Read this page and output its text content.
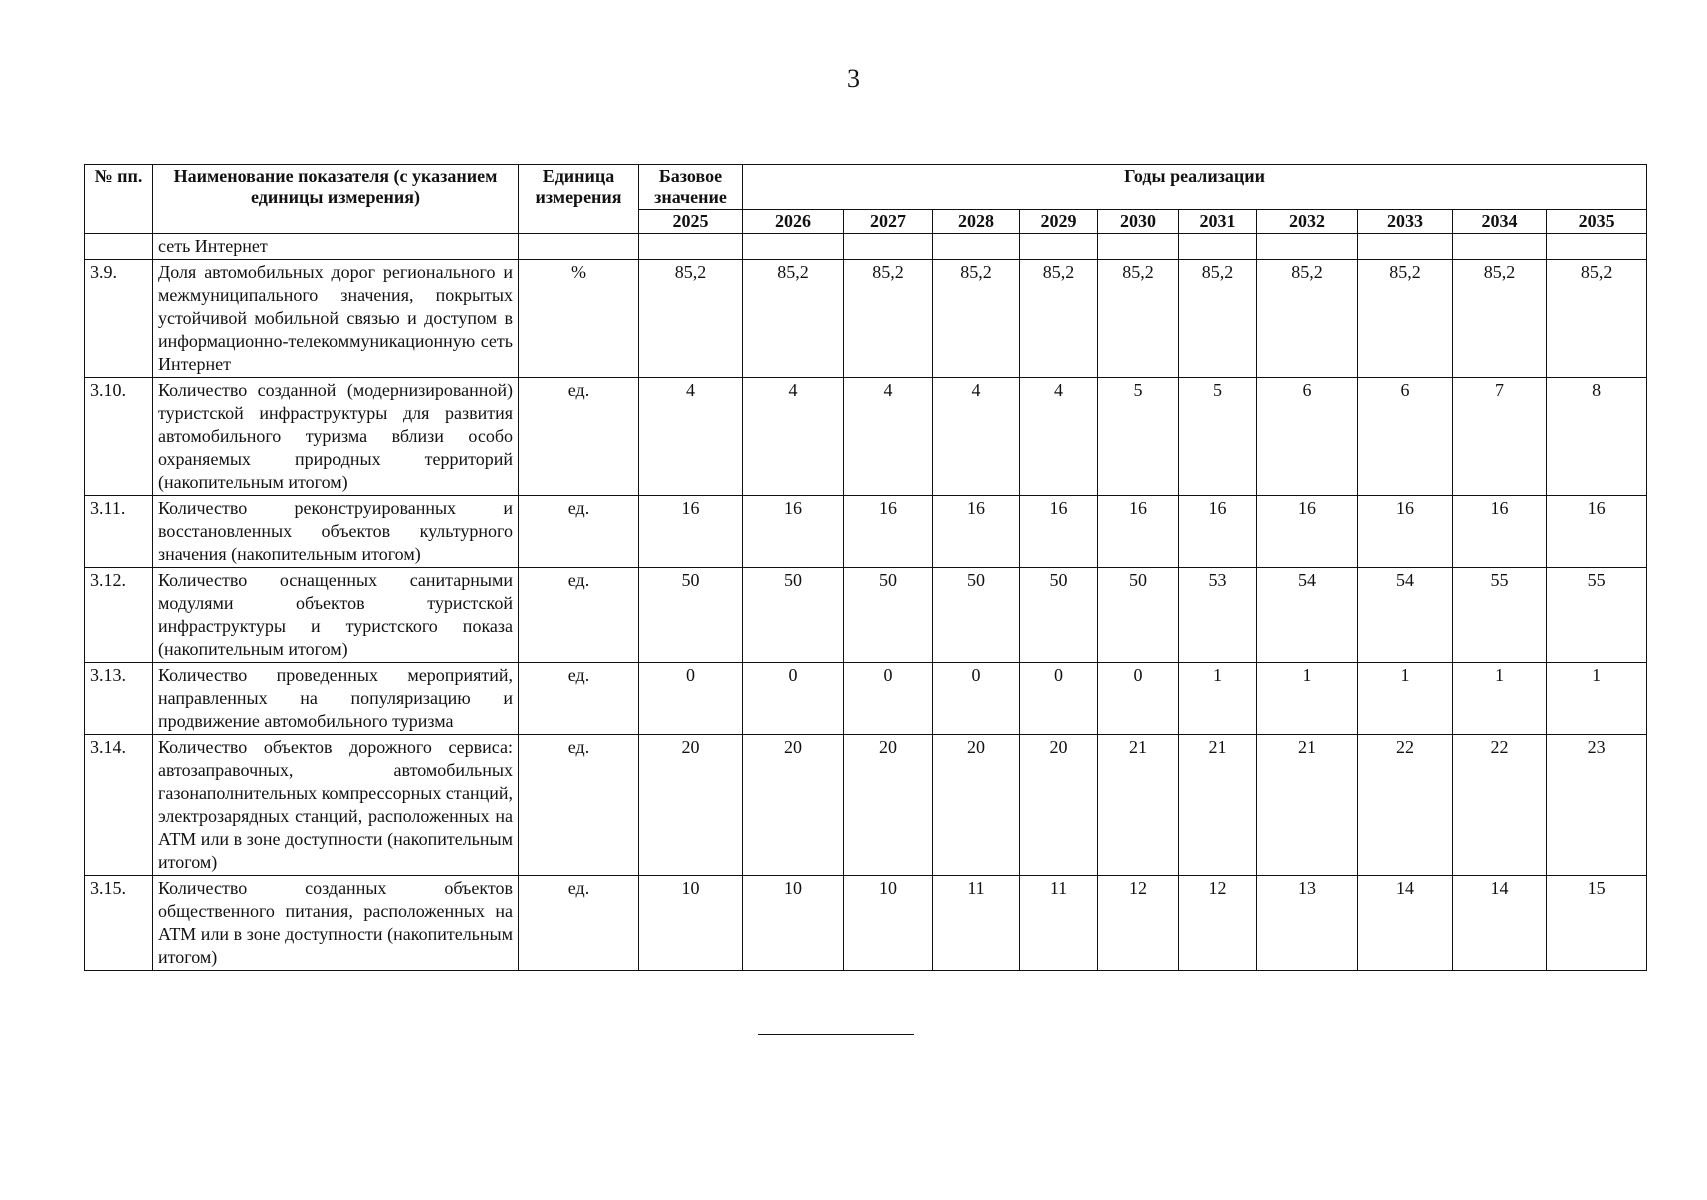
3
№ пп.	Наименование показателя (с указанием единицы измерения)	Единица измерения	Базовое значение	Годы реализации									
			2025	2026	2027	2028	2029	2030	2031	2032	2033	2034	2035
	сеть Интернет												
3.9.	Доля автомобильных дорог регионального и межмуниципального значения, покрытых устойчивой мобильной связью и доступом в информационно-телекоммуникационную сеть Интернет	%	85,2	85,2	85,2	85,2	85,2	85,2	85,2	85,2	85,2	85,2	85,2
3.10.	Количество созданной (модернизированной) туристской инфраструктуры для развития автомобильного туризма вблизи особо охраняемых природных территорий (накопительным итогом)	ед.	4	4	4	4	4	5	5	6	6	7	8
3.11.	Количество реконструированных и восстановленных объектов культурного значения (накопительным итогом)	ед.	16	16	16	16	16	16	16	16	16	16	16
3.12.	Количество оснащенных санитарными модулями объектов туристской инфраструктуры и туристского показа (накопительным итогом)	ед.	50	50	50	50	50	50	53	54	54	55	55
3.13.	Количество проведенных мероприятий, направленных на популяризацию и продвижение автомобильного туризма	ед.	0	0	0	0	0	0	1	1	1	1	1
3.14.	Количество объектов дорожного сервиса: автозаправочных, автомобильных газонаполнительных компрессорных станций, электрозарядных станций, расположенных на АТМ или в зоне доступности (накопительным итогом)	ед.	20	20	20	20	20	21	21	21	22	22	23
3.15.	Количество созданных объектов общественного питания, расположенных на АТМ или в зоне доступности (накопительным итогом)	ед.	10	10	10	11	11	12	12	13	14	14	15
